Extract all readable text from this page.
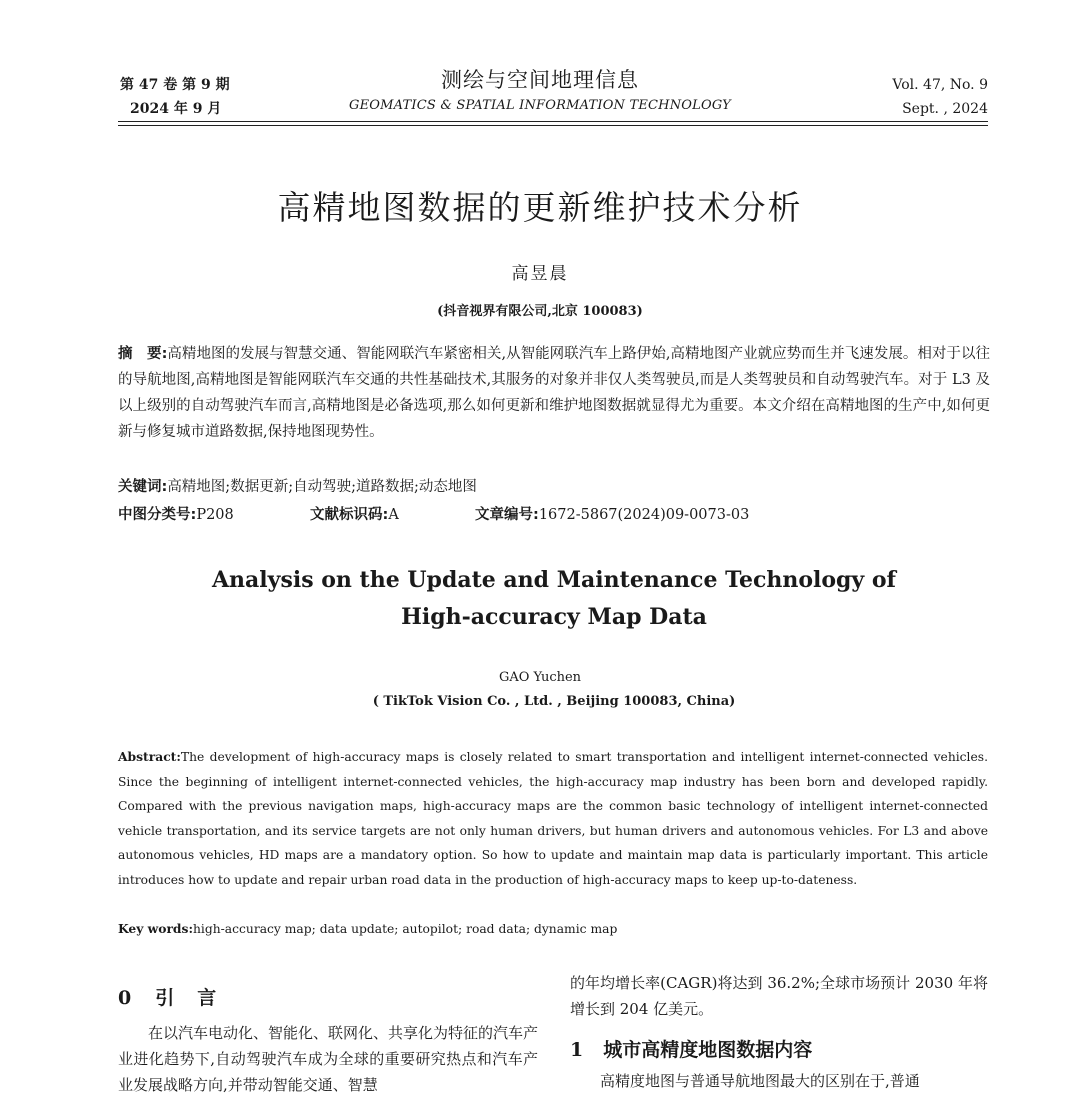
第 47 卷 第 9 期
2024 年 9 月
测绘与空间地理信息
GEOMATICS & SPATIAL INFORMATION TECHNOLOGY
Vol. 47, No. 9
Sept. , 2024
高精地图数据的更新维护技术分析
高昱晨
(抖音视界有限公司,北京 100083)
摘　要:高精地图的发展与智慧交通、智能网联汽车紧密相关,从智能网联汽车上路伊始,高精地图产业就应势而生并飞速发展。相对于以往的导航地图,高精地图是智能网联汽车交通的共性基础技术,其服务的对象并非仅人类驾驶员,而是人类驾驶员和自动驾驶汽车。对于 L3 及以上级别的自动驾驶汽车而言,高精地图是必备选项,那么如何更新和维护地图数据就显得尤为重要。本文介绍在高精地图的生产中,如何更新与修复城市道路数据,保持地图现势性。
关键词:高精地图;数据更新;自动驾驶;道路数据;动态地图
中图分类号:P208	文献标识码:A	文章编号:1672-5867(2024)09-0073-03
Analysis on the Update and Maintenance Technology of
High-accuracy Map Data
GAO Yuchen
( TikTok Vision Co. , Ltd. , Beijing 100083, China)
Abstract:The development of high-accuracy maps is closely related to smart transportation and intelligent internet-connected vehicles. Since the beginning of intelligent internet-connected vehicles, the high-accuracy map industry has been born and developed rapidly. Compared with the previous navigation maps, high-accuracy maps are the common basic technology of intelligent internet-connected vehicle transportation, and its service targets are not only human drivers, but human drivers and autonomous vehicles. For L3 and above autonomous vehicles, HD maps are a mandatory option. So how to update and maintain map data is particularly important. This article introduces how to update and repair urban road data in the production of high-accuracy maps to keep up-to-dateness.
Key words:high-accuracy map; data update; autopilot; road data; dynamic map
0 引　言
在以汽车电动化、智能化、联网化、共享化为特征的汽车产业进化趋势下,自动驾驶汽车成为全球的重要研究热点和汽车产业发展战略方向,并带动智能交通、智慧
的年均增长率(CAGR)将达到 36.2%;全球市场预计 2030 年将增长到 204 亿美元。
1 城市高精度地图数据内容
高精度地图与普通导航地图最大的区别在于,普通
